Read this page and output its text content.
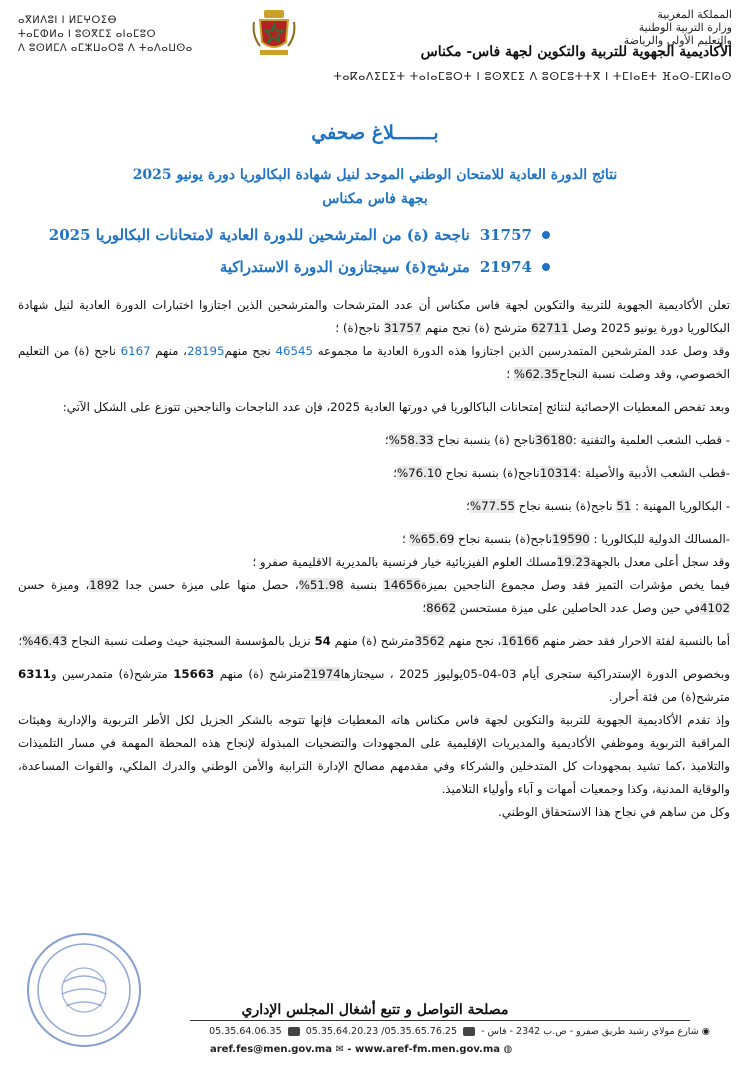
المملكة المغربية
وزارة التربية الوطنية
والتعليم الأولي والرياضة
ⴰⴳⵍⴷⵓⵏ ⵏ ⵍⵎⵖⵔⵉⴱ
ⵜⴰⵎⵀⵍⴰ ⵏ ⵓⵙⴳⵎⵉ ⴰⵏⴰⵎⵓⵔ
ⴷ ⵓⵙⵍⵎⴷ ⴰⵎⵣⵡⴰⵔⵓ ⴷ ⵜⴰⴷⴰⵡⵙⴰ	الأكاديمية الجهوية للتربية والتكوين لجهة فاس- مكناس
ⵜⴰⴽⴰⴷⵉⵎⵉⵜ ⵜⴰⵏⴰⵎⵓⵔⵜ ⵏ ⵓⵙⴳⵎⵉ ⴷ ⵓⵙⵎⵓⵜⵜⴳ ⵏ ⵜⵎⵏⴰⴹⵜ ⴼⴰⵙ-ⵎⴽⵏⴰⵙ
بـــــــلاغ صحفي
نتائج الدورة العادية للامتحان الوطني الموحد لنيل شهادة البكالوريا دورة يونيو 2025
بجهة فاس مكناس
31757
ناجحة (ة) من المترشحين للدورة العادية لامتحانات البكالوريا 2025
21974
مترشح(ة) سيجتازون الدورة الاستدراكية

تعلن الأكاديمية الجهوية للتربية والتكوين لجهة فاس مكناس أن عدد المترشحات والمترشحين الذين اجتازوا اختبارات الدورة العادية لنيل شهادة البكالوريا دورة يونيو 2025 وصل 62711 مترشح (ة) نجح منهم 31757 ناجح(ة) ؛

وقد وصل عدد المترشحين المتمدرسين الذين اجتازوا هذه الدورة العادية ما مجموعه 46545 نجح منهم28195، منهم 6167 ناجح (ة) من التعليم الخصوصي، وقد وصلت نسبة النجاح62.35% ؛

وبعد تفحص المعطيات الإحصائية لنتائج إمتحانات الباكالوريا في دورتها العادية 2025، فإن عدد الناجحات والناجحين تتوزع على الشكل الآتي:

- قطب الشعب العلمية والتقنية :36180ناجح (ة) بنسبة نجاح 58.33%؛

-قطب الشعب الأدبية والأصيلة :10314ناجح(ة) بنسبة نجاح 76.10%؛

- البكالوريا المهنية : 51 ناجح(ة) بنسبة نجاح 77.55%؛

-المسالك الدولية للبكالوريا : 19590ناجح(ة) بنسبة نجاح 65.69% ؛

وقد سجل أعلى معدل بالجهة19.23مسلك العلوم الفيزيائية خيار فرنسية بالمديرية الاقليمية صفرو ؛

فيما يخص مؤشرات التميز فقد وصل مجموع الناجحين بميزة14656 بنسبة 51.98%، حصل منها على ميزة حسن جدا 1892، وميزة حسن 4102في حين وصل عدد الحاصلين على ميزة مستحسن 8662؛

أما بالنسبة لفئة الاحرار فقد حضر منهم 16166، نجح منهم 3562مترشح (ة) منهم 54 نزيل بالمؤسسة السجنية حيث وصلت نسبة النجاح 46.43%؛

وبخصوص الدورة الإستدراكية ستجرى أيام 03-04-05يوليوز 2025 ، سيجتازها21974مترشح (ة) منهم 15663 مترشح(ة) متمدرسين و6311 مترشح(ة) من فئة أحرار.

وإذ تقدم الأكاديمية الجهوية للتربية والتكوين لجهة فاس مكناس هاته المعطيات فإنها تتوجه بالشكر الجزيل لكل الأطر التربوية والإدارية وهيئات المراقبة التربوية وموظفي الأكاديمية والمديريات الإقليمية على المجهودات والتضحيات المبذولة لإنجاح هذه المحطة المهمة في مسار التلميذات والتلاميذ ،كما تشيد بمجهودات كل المتدخلين والشركاء وفي مقدمهم مصالح الإدارة الترابية والأمن الوطني والدرك الملكي، والقوات المساعدة، والوقاية المدنية، وكذا وجمعيات أمهات و آباء وأولياء التلاميذ.

وكل من ساهم في نجاح هذا الاستحقاق الوطني.

مصلحة التواصل و تتبع أشغال المجلس الإداري
◉ شارع مولاي رشيد طريق صفرو - ص.ب 2342 - فاس -  05.35.65.76.25/ 05.35.64.20.23  05.35.64.06.35
aref.fes@men.gov.ma ✉ - www.aref-fm.men.gov.ma ◍
